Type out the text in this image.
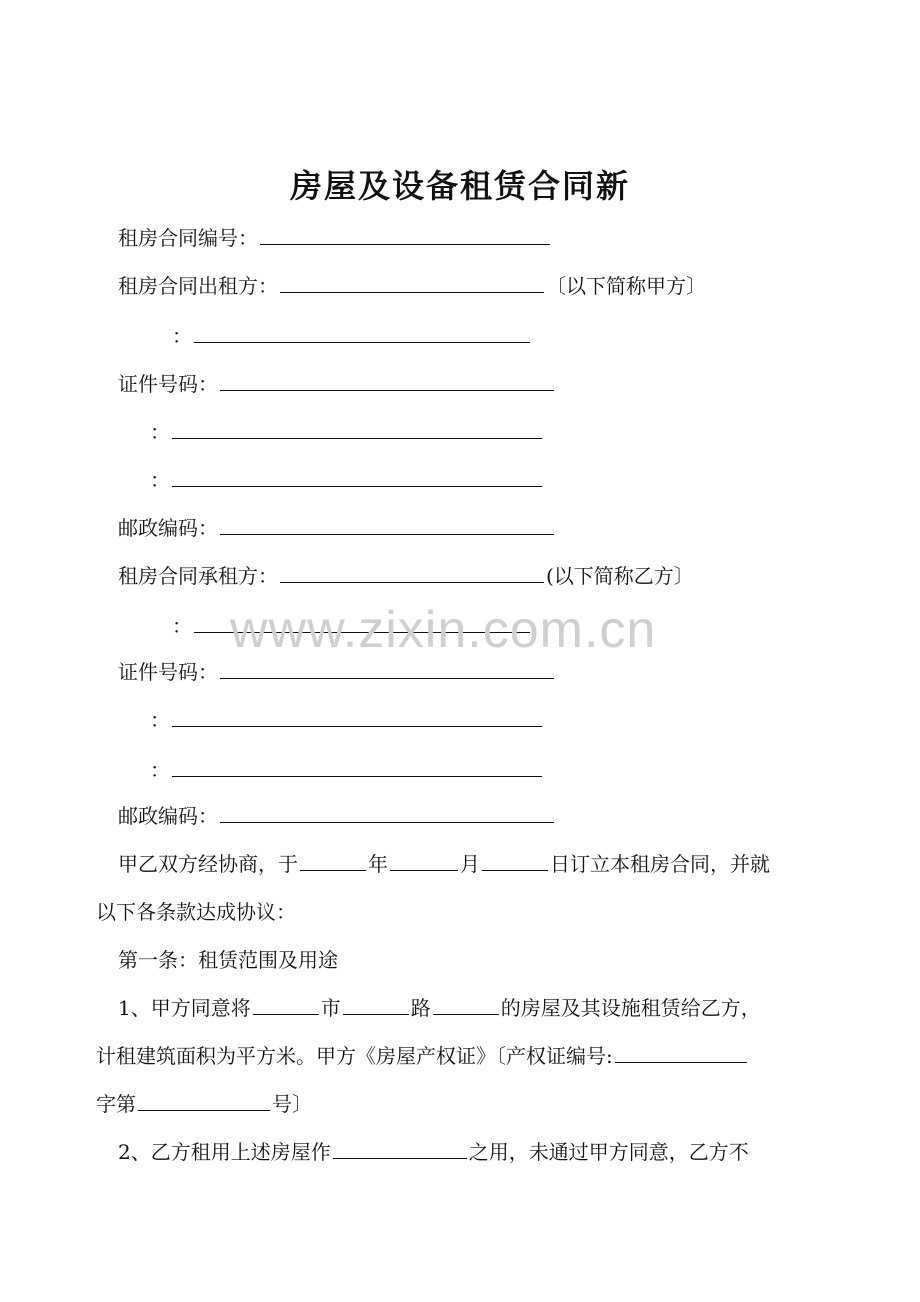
房屋及设备租赁合同新
租房合同编号：
租房合同出租方：	〔以下简称甲方〕
：
证件号码：
：
：
邮政编码：
租房合同承租方：	(以下简称乙方〕
：
证件号码：
：
：
邮政编码：
甲乙双方经协商，于	年	月	日订立本租房合同，并就
以下各条款达成协议：
第一条：租赁范围及用途
1、甲方同意将	市	路	的房屋及其设施租赁给乙方，
计租建筑面积为平方米。甲方《房屋产权证》〔产权证编号:
字第	号〕
2、乙方租用上述房屋作	之用，未通过甲方同意，乙方不
www.zixin.com.cn
